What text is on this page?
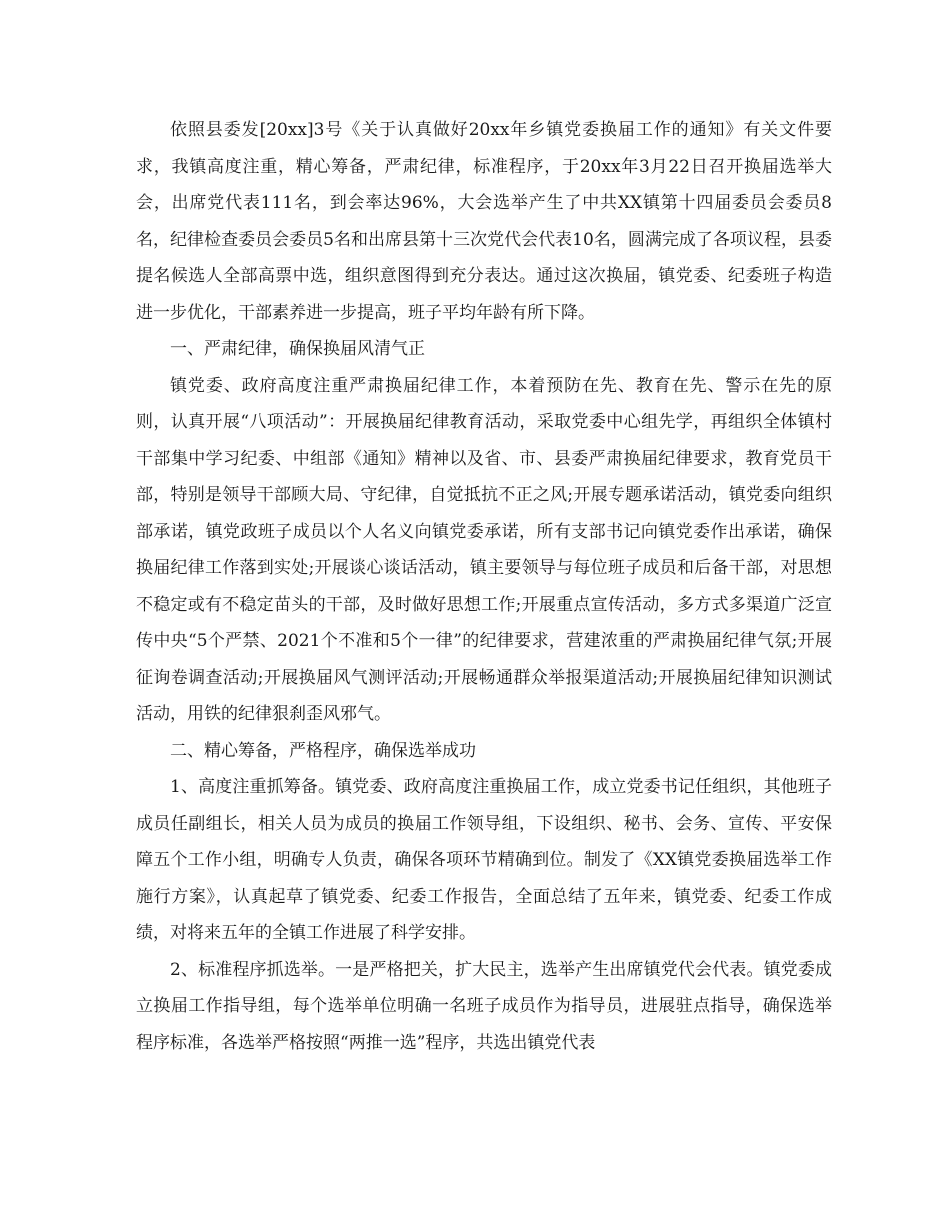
依照县委发[20xx]3号《关于认真做好20xx年乡镇党委换届工作的通知》有关文件要求，我镇高度注重，精心筹备，严肃纪律，标准程序，于20xx年3月22日召开换届选举大会，出席党代表111名，到会率达96%，大会选举产生了中共XX镇第十四届委员会委员8名，纪律检查委员会委员5名和出席县第十三次党代会代表10名，圆满完成了各项议程，县委提名候选人全部高票中选，组织意图得到充分表达。通过这次换届，镇党委、纪委班子构造进一步优化，干部素养进一步提高，班子平均年龄有所下降。

一、严肃纪律，确保换届风清气正

镇党委、政府高度注重严肃换届纪律工作，本着预防在先、教育在先、警示在先的原则，认真开展“八项活动”：开展换届纪律教育活动，采取党委中心组先学，再组织全体镇村干部集中学习纪委、中组部《通知》精神以及省、市、县委严肃换届纪律要求，教育党员干部，特别是领导干部顾大局、守纪律，自觉抵抗不正之风;开展专题承诺活动，镇党委向组织部承诺，镇党政班子成员以个人名义向镇党委承诺，所有支部书记向镇党委作出承诺，确保换届纪律工作落到实处;开展谈心谈话活动，镇主要领导与每位班子成员和后备干部，对思想不稳定或有不稳定苗头的干部，及时做好思想工作;开展重点宣传活动，多方式多渠道广泛宣传中央“5个严禁、2021个不准和5个一律”的纪律要求，营建浓重的严肃换届纪律气氛;开展征询卷调查活动;开展换届风气测评活动;开展畅通群众举报渠道活动;开展换届纪律知识测试活动，用铁的纪律狠刹歪风邪气。

二、精心筹备，严格程序，确保选举成功

1、高度注重抓筹备。镇党委、政府高度注重换届工作，成立党委书记任组织，其他班子成员任副组长，相关人员为成员的换届工作领导组，下设组织、秘书、会务、宣传、平安保障五个工作小组，明确专人负责，确保各项环节精确到位。制发了《XX镇党委换届选举工作施行方案》，认真起草了镇党委、纪委工作报告，全面总结了五年来，镇党委、纪委工作成绩，对将来五年的全镇工作进展了科学安排。

2、标准程序抓选举。一是严格把关，扩大民主，选举产生出席镇党代会代表。镇党委成立换届工作指导组，每个选举单位明确一名班子成员作为指导员，进展驻点指导，确保选举程序标准，各选举严格按照“两推一选”程序，共选出镇党代表
